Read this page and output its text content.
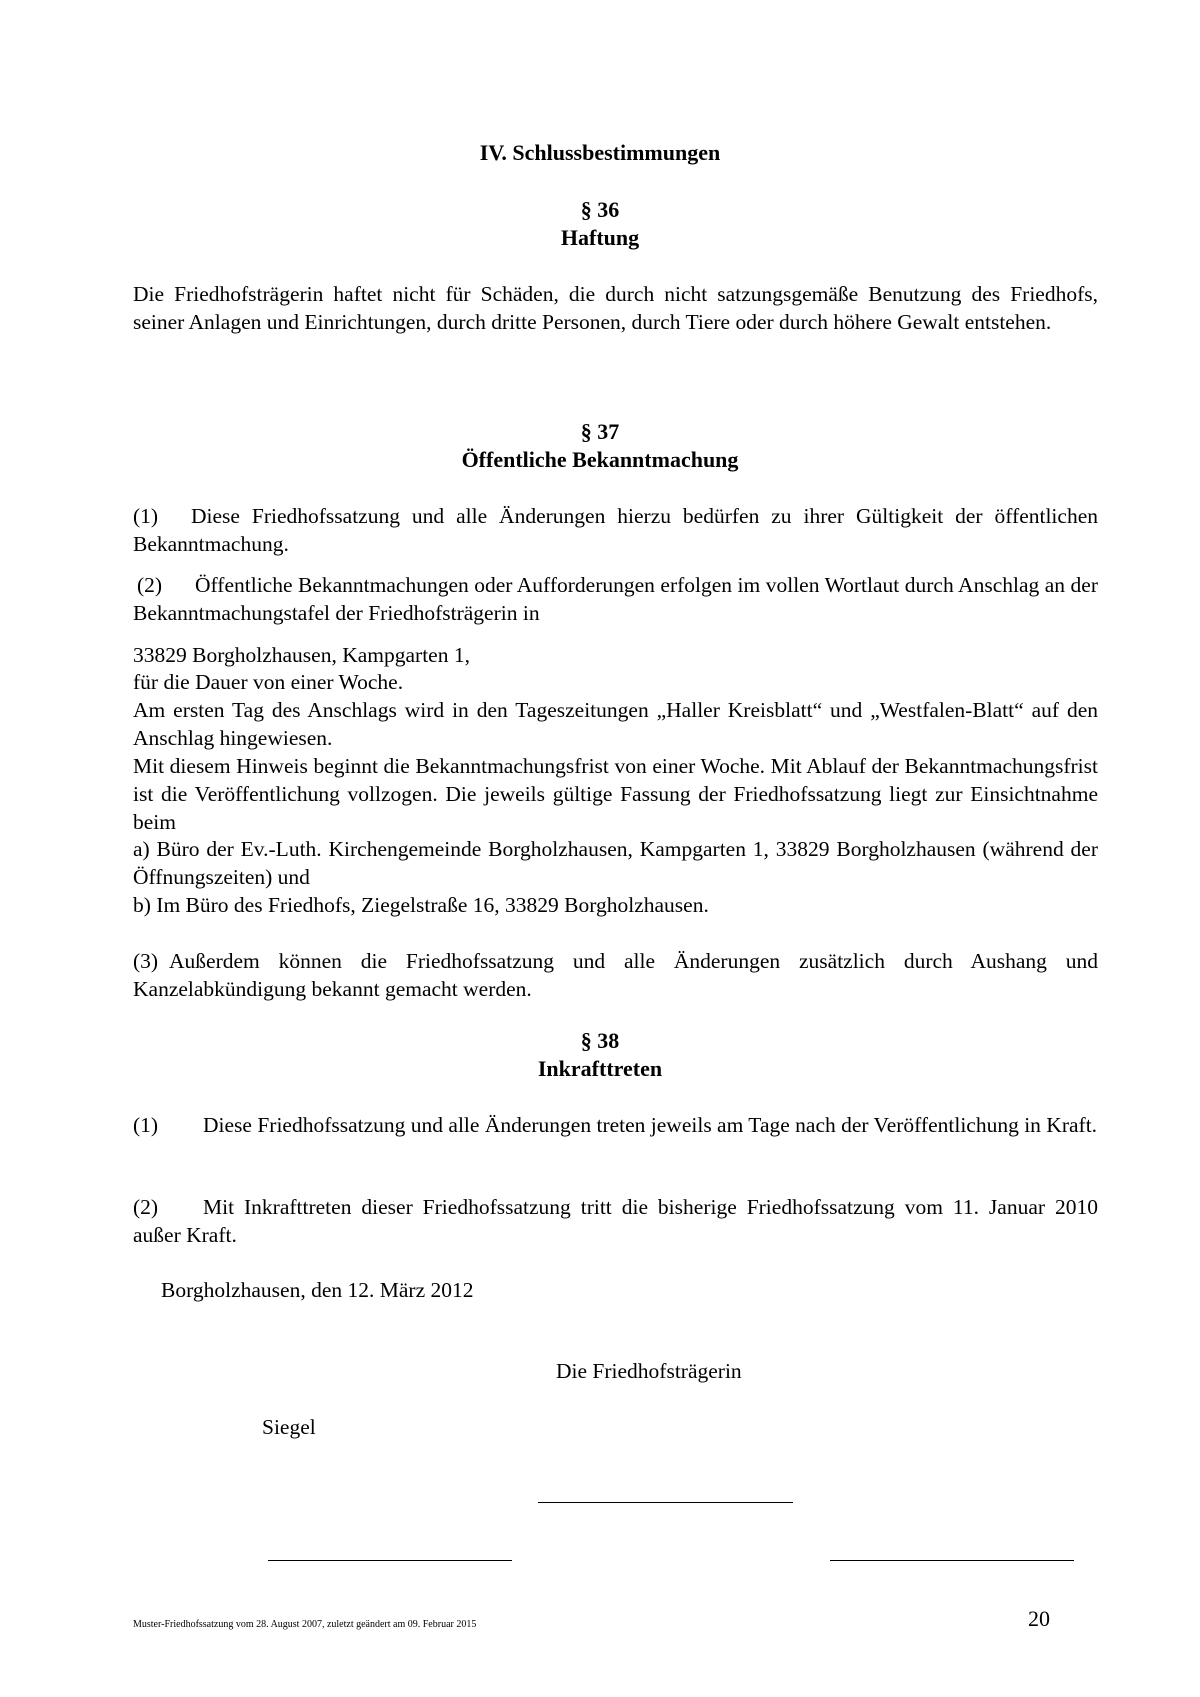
IV. Schlussbestimmungen
§ 36
Haftung
Die Friedhofsträgerin haftet nicht für Schäden, die durch nicht satzungsgemäße Benutzung des Friedhofs, seiner Anlagen und Einrichtungen, durch dritte Personen, durch Tiere oder durch höhere Gewalt entstehen.
§ 37
Öffentliche Bekanntmachung
(1) Diese Friedhofssatzung und alle Änderungen hierzu bedürfen zu ihrer Gültigkeit der öffentlichen Bekanntmachung.
(2) Öffentliche Bekanntmachungen oder Aufforderungen erfolgen im vollen Wortlaut durch Anschlag an der Bekanntmachungstafel der Friedhofsträgerin in
33829 Borgholzhausen, Kampgarten 1,
für die Dauer von einer Woche.
Am ersten Tag des Anschlags wird in den Tageszeitungen „Haller Kreisblatt“ und „Westfalen-Blatt“ auf den Anschlag hingewiesen.
Mit diesem Hinweis beginnt die Bekanntmachungsfrist von einer Woche. Mit Ablauf der Bekanntmachungsfrist ist die Veröffentlichung vollzogen. Die jeweils gültige Fassung der Friedhofssatzung liegt zur Einsichtnahme beim
a) Büro der Ev.-Luth. Kirchengemeinde Borgholzhausen, Kampgarten 1, 33829 Borgholzhausen (während der Öffnungszeiten) und
b) Im Büro des Friedhofs, Ziegelstraße 16, 33829 Borgholzhausen.
(3) Außerdem können die Friedhofssatzung und alle Änderungen zusätzlich durch Aushang und Kanzelabkündigung bekannt gemacht werden.
§ 38
Inkrafttreten
(1) Diese Friedhofssatzung und alle Änderungen treten jeweils am Tage nach der Veröffentlichung in Kraft.
(2) Mit Inkrafttreten dieser Friedhofssatzung tritt die bisherige Friedhofssatzung vom 11. Januar 2010 außer Kraft.
Borgholzhausen, den 12. März 2012
Die Friedhofsträgerin
Siegel
Muster-Friedhofssatzung vom 28. August 2007, zuletzt geändert am 09. Februar 2015	20
